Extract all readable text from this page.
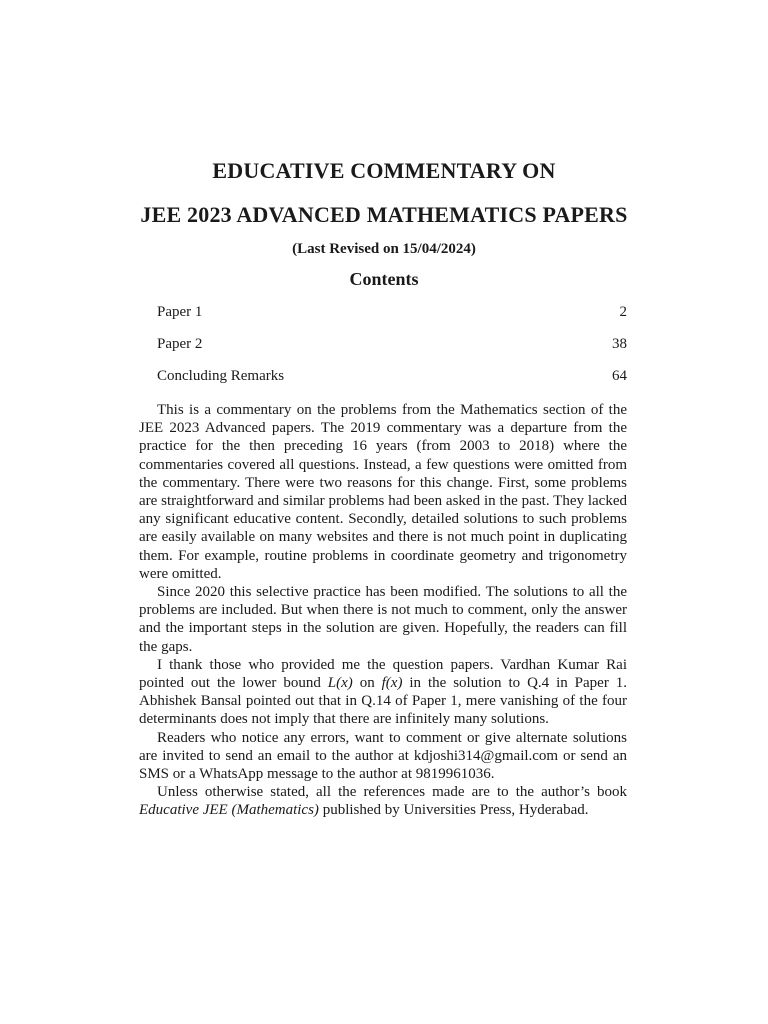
EDUCATIVE COMMENTARY ON
JEE 2023 ADVANCED MATHEMATICS PAPERS
(Last Revised on 15/04/2024)
Contents
Paper 1	2
Paper 2	38
Concluding Remarks	64

This is a commentary on the problems from the Mathematics section of the JEE 2023 Advanced papers. The 2019 commentary was a departure from the practice for the then preceding 16 years (from 2003 to 2018) where the commentaries covered all questions. Instead, a few questions were omitted from the commentary. There were two reasons for this change. First, some problems are straightforward and similar problems had been asked in the past. They lacked any significant educative content. Secondly, detailed solutions to such problems are easily available on many websites and there is not much point in duplicating them. For example, routine problems in coordinate geometry and trigonometry were omitted.

Since 2020 this selective practice has been modified. The solutions to all the problems are included. But when there is not much to comment, only the answer and the important steps in the solution are given. Hopefully, the readers can fill the gaps.

I thank those who provided me the question papers. Vardhan Kumar Rai pointed out the lower bound L(x) on f(x) in the solution to Q.4 in Paper 1. Abhishek Bansal pointed out that in Q.14 of Paper 1, mere vanishing of the four determinants does not imply that there are infinitely many solutions.

Readers who notice any errors, want to comment or give alternate solutions are invited to send an email to the author at kdjoshi314@gmail.com or send an SMS or a WhatsApp message to the author at 9819961036.

Unless otherwise stated, all the references made are to the author’s book Educative JEE (Mathematics) published by Universities Press, Hyderabad.
